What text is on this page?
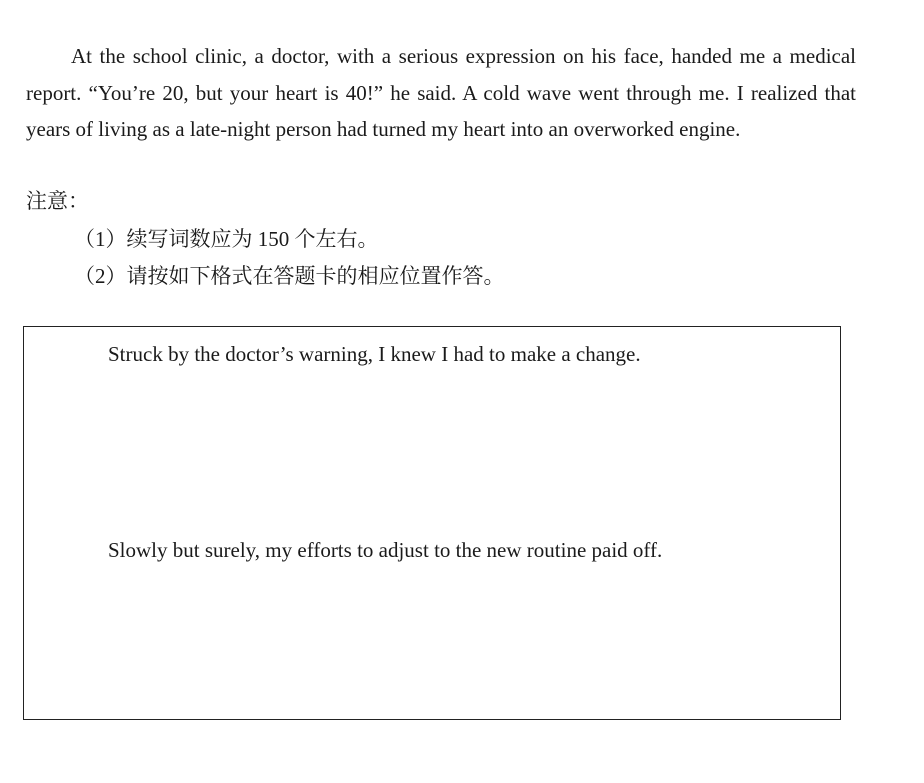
At the school clinic, a doctor, with a serious expression on his face, handed me a medical report. “You’re 20, but your heart is 40!” he said. A cold wave went through me. I realized that years of living as a late-night person had turned my heart into an overworked engine.

注意：

（1）续写词数应为 150 个左右。

（2）请按如下格式在答题卡的相应位置作答。

Struck by the doctor’s warning, I knew I had to make a change.

Slowly but surely, my efforts to adjust to the new routine paid off.
